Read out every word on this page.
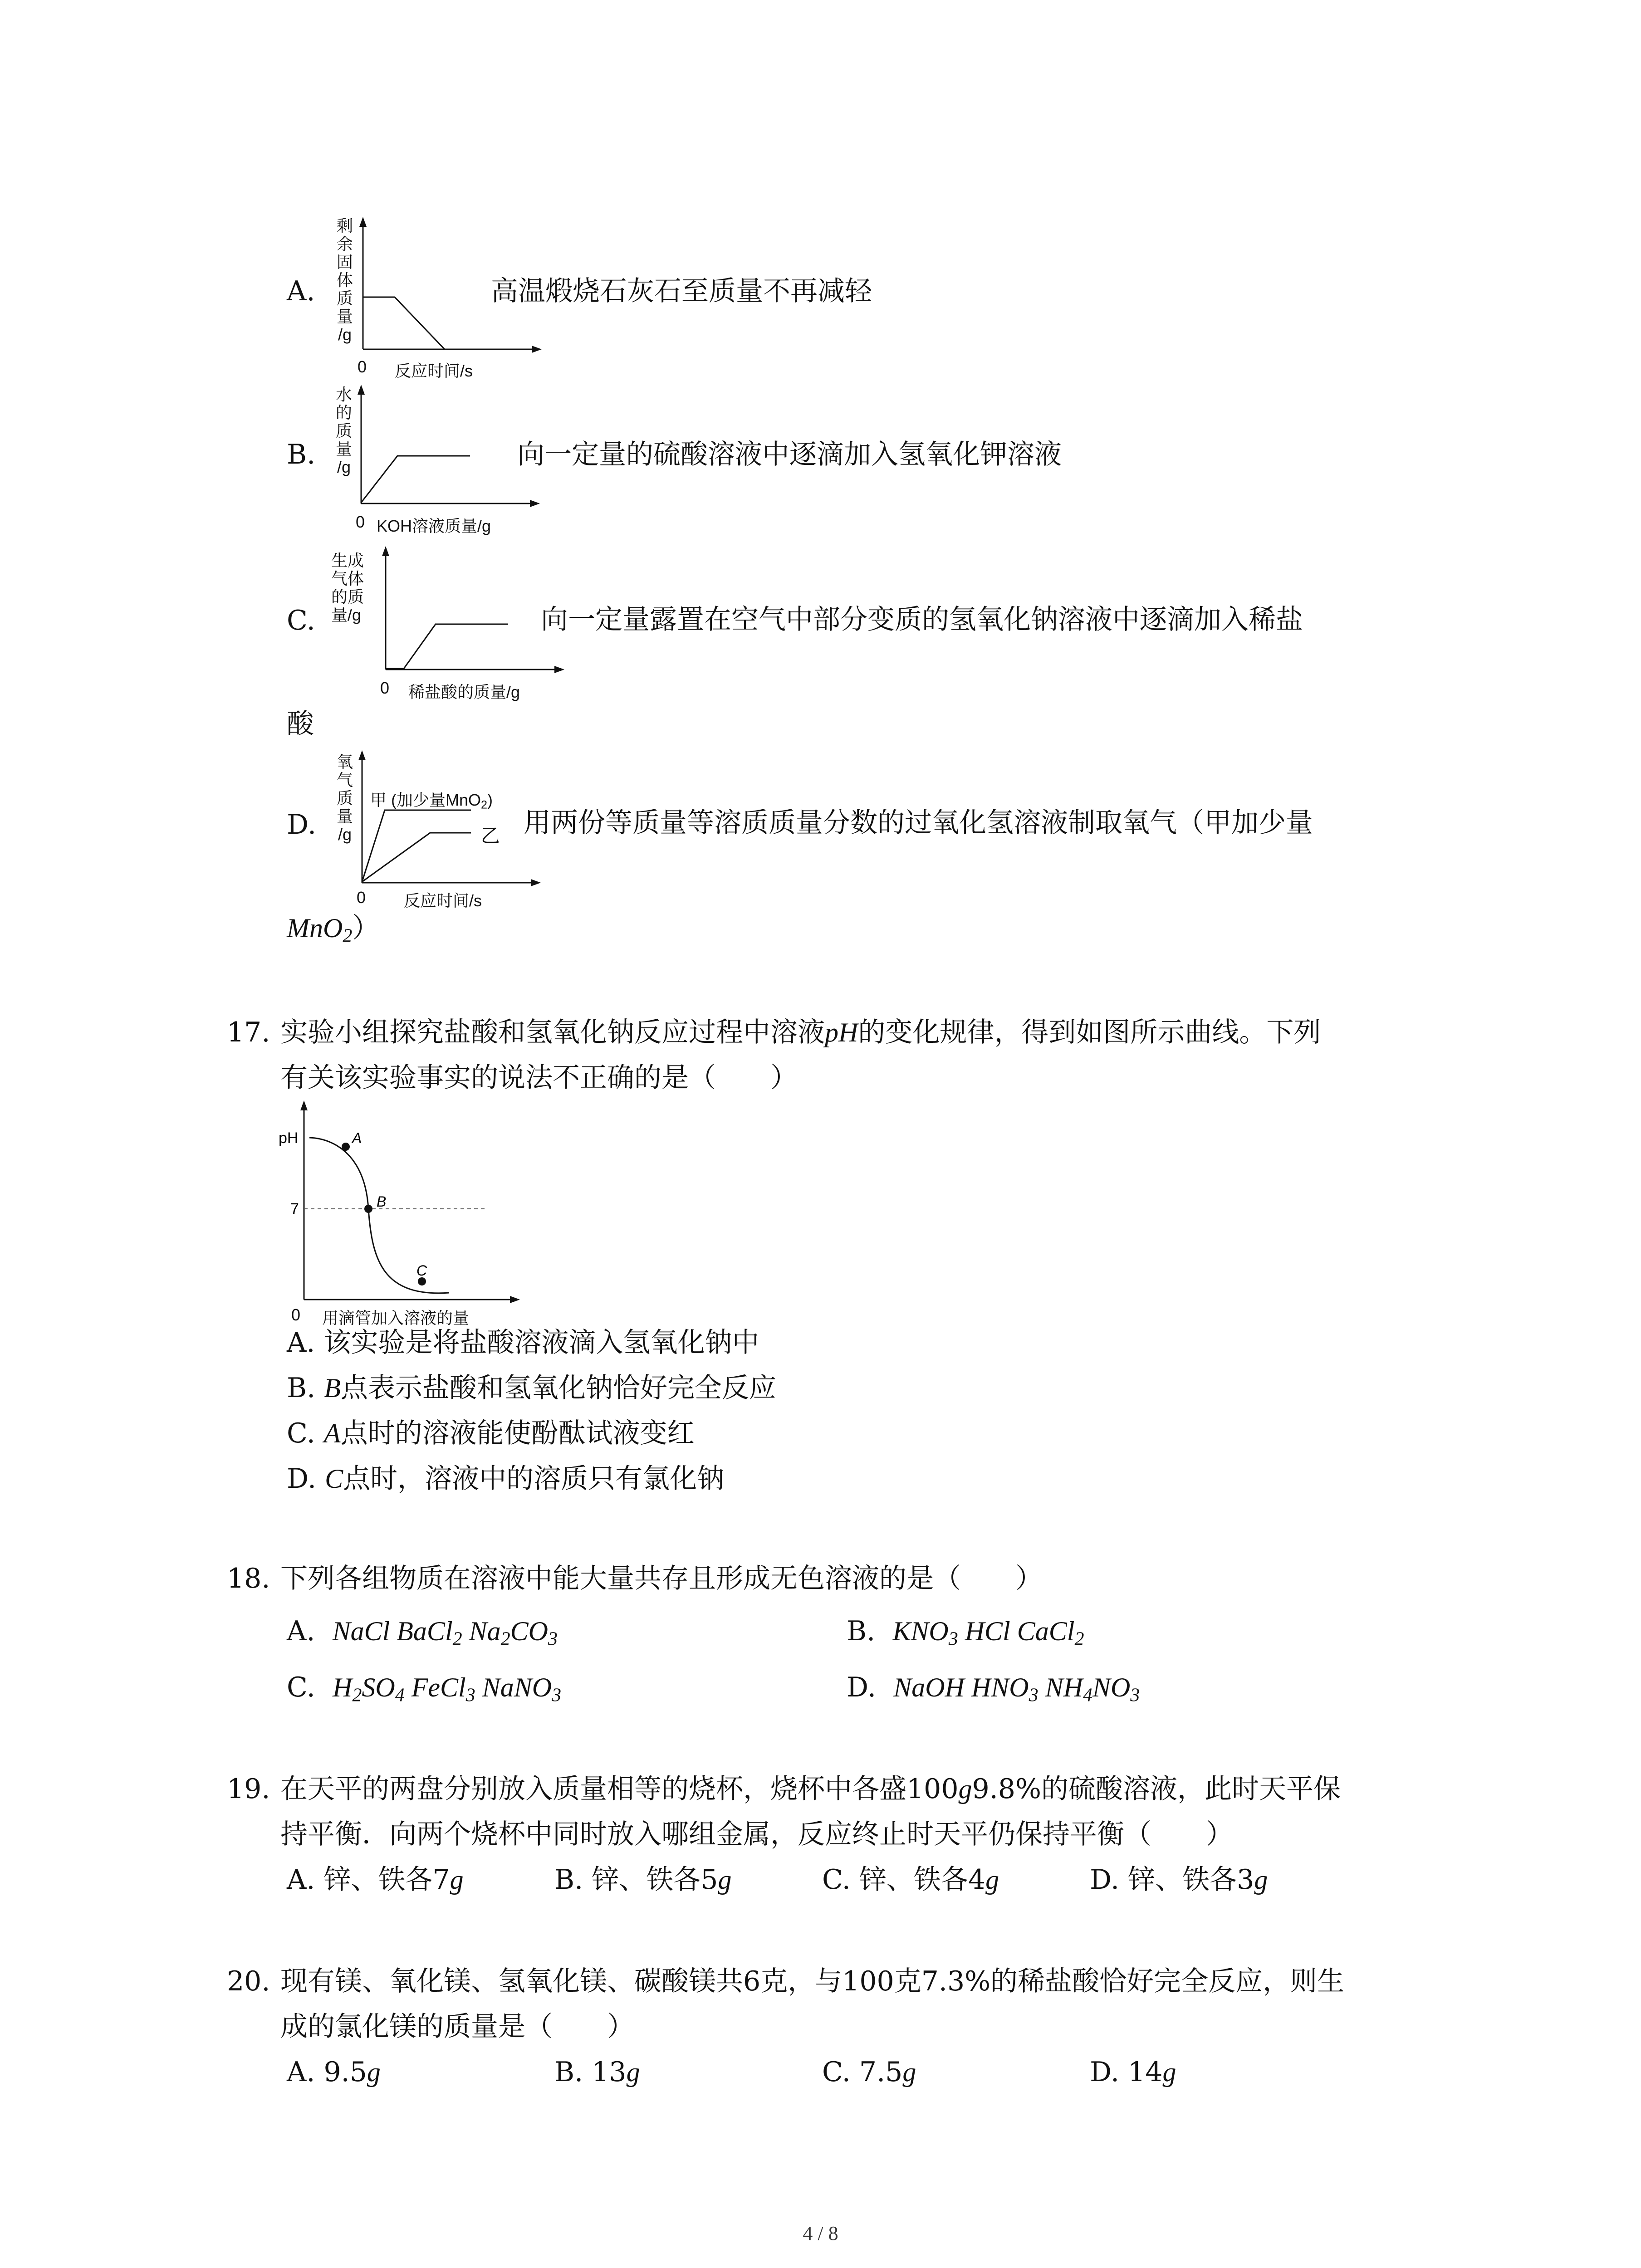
A.
剩
余
固
体
质
量
/g
0 反应时间/s
高温煅烧石灰石至质量不再减轻
B.
水
的
质
量
/g
0 KOH溶液质量/g
向一定量的硫酸溶液中逐滴加入氢氧化钾溶液
C.
生成
气体
的质
量/g
0 稀盐酸的质量/g
向一定量露置在空气中部分变质的氢氧化钠溶液中逐滴加入稀盐
酸
D.
氧
气
质
量
/g
甲 (加少量MnO$_2$)
乙
0 反应时间/s
用两份等质量等溶质质量分数的过氧化氢溶液制取氧气（甲加少量
MnO$_2$）
17. 实验小组探究盐酸和氢氧化钠反应过程中溶液pH的变化规律，得到如图所示曲线。下列
有关该实验事实的说法不正确的是（　　）
A
B
C
pH
7
0 用滴管加入溶液的量
A. 该实验是将盐酸溶液滴入氢氧化钠中
B. B点表示盐酸和氢氧化钠恰好完全反应
C. A点时的溶液能使酚酞试液变红
D. C点时，溶液中的溶质只有氯化钠
18. 下列各组物质在溶液中能大量共存且形成无色溶液的是（　　）
A. NaCl BaCl$_2$ $Na_2CO_3$	B. $KNO_3$ HCl CaCl$_2$
C. $H_2SO_4$ FeCl$_3$ NaNO$_3$	D. NaOH $HNO_3$ $NH_4NO_3$
19. 在天平的两盘分别放入质量相等的烧杯，烧杯中各盛100g9.8%的硫酸溶液，此时天平保
持平衡．向两个烧杯中同时放入哪组金属，反应终止时天平仍保持平衡（　　）
A. 锌、铁各7g	B. 锌、铁各5g	C. 锌、铁各4g	D. 锌、铁各3g
20. 现有镁、氧化镁、氢氧化镁、碳酸镁共6克，与100克7.3%的稀盐酸恰好完全反应，则生
成的氯化镁的质量是（　　）
A. 9.5g	B. 13g	C. 7.5g	D. 14g
4 / 8
